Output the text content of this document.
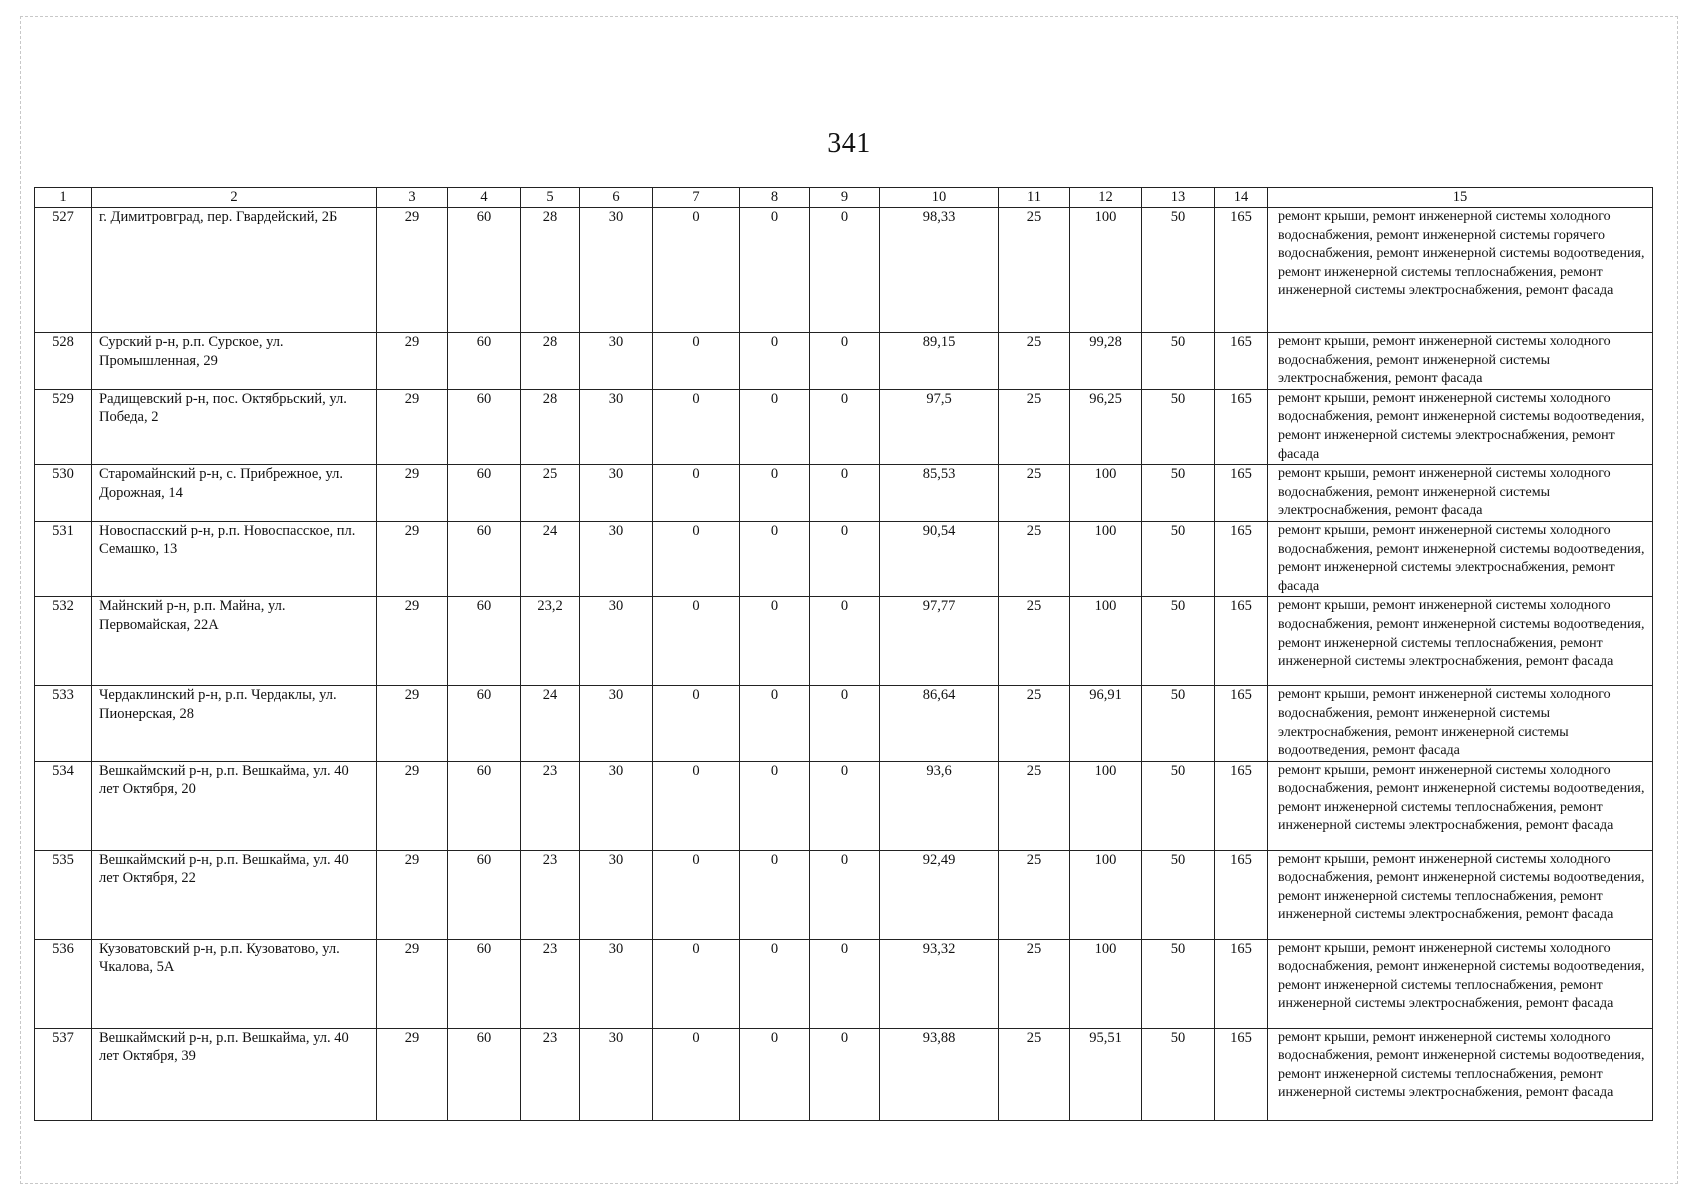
341
1	2	3	4	5	6	7	8	9	10	11	12	13	14	15
527	г. Димитровград, пер. Гвардейский, 2Б	29	60	28	30	0	0	0	98,33	25	100	50	165	ремонт крыши, ремонт инженерной системы холодного водоснабжения, ремонт инженерной системы горячего водоснабжения, ремонт инженерной системы водоотведения, ремонт инженерной системы теплоснабжения, ремонт инженерной системы электроснабжения, ремонт фасада
528	Сурский р-н, р.п. Сурское, ул. Промышленная, 29	29	60	28	30	0	0	0	89,15	25	99,28	50	165	ремонт крыши, ремонт инженерной системы холодного водоснабжения, ремонт инженерной системы электроснабжения, ремонт фасада
529	Радищевский р-н, пос. Октябрьский, ул. Победа, 2	29	60	28	30	0	0	0	97,5	25	96,25	50	165	ремонт крыши, ремонт инженерной системы холодного водоснабжения, ремонт инженерной системы водоотведения, ремонт инженерной системы электроснабжения, ремонт фасада
530	Старомайнский р-н, с. Прибрежное, ул. Дорожная, 14	29	60	25	30	0	0	0	85,53	25	100	50	165	ремонт крыши, ремонт инженерной системы холодного водоснабжения, ремонт инженерной системы электроснабжения, ремонт фасада
531	Новоспасский р-н, р.п. Новоспасское, пл. Семашко, 13	29	60	24	30	0	0	0	90,54	25	100	50	165	ремонт крыши, ремонт инженерной системы холодного водоснабжения, ремонт инженерной системы водоотведения, ремонт инженерной системы электроснабжения, ремонт фасада
532	Майнский р-н, р.п. Майна, ул. Первомайская, 22А	29	60	23,2	30	0	0	0	97,77	25	100	50	165	ремонт крыши, ремонт инженерной системы холодного водоснабжения, ремонт инженерной системы водоотведения, ремонт инженерной системы теплоснабжения, ремонт инженерной системы электроснабжения, ремонт фасада
533	Чердаклинский р-н, р.п. Чердаклы, ул. Пионерская, 28	29	60	24	30	0	0	0	86,64	25	96,91	50	165	ремонт крыши, ремонт инженерной системы холодного водоснабжения, ремонт инженерной системы электроснабжения, ремонт инженерной системы водоотведения, ремонт фасада
534	Вешкаймский р-н, р.п. Вешкайма, ул. 40 лет Октября, 20	29	60	23	30	0	0	0	93,6	25	100	50	165	ремонт крыши, ремонт инженерной системы холодного водоснабжения, ремонт инженерной системы водоотведения, ремонт инженерной системы теплоснабжения, ремонт инженерной системы электроснабжения, ремонт фасада
535	Вешкаймский р-н, р.п. Вешкайма, ул. 40 лет Октября, 22	29	60	23	30	0	0	0	92,49	25	100	50	165	ремонт крыши, ремонт инженерной системы холодного водоснабжения, ремонт инженерной системы водоотведения, ремонт инженерной системы теплоснабжения, ремонт инженерной системы электроснабжения, ремонт фасада
536	Кузоватовский р-н, р.п. Кузоватово, ул. Чкалова, 5А	29	60	23	30	0	0	0	93,32	25	100	50	165	ремонт крыши, ремонт инженерной системы холодного водоснабжения, ремонт инженерной системы водоотведения, ремонт инженерной системы теплоснабжения, ремонт инженерной системы электроснабжения, ремонт фасада
537	Вешкаймский р-н, р.п. Вешкайма, ул. 40 лет Октября, 39	29	60	23	30	0	0	0	93,88	25	95,51	50	165	ремонт крыши, ремонт инженерной системы холодного водоснабжения, ремонт инженерной системы водоотведения, ремонт инженерной системы теплоснабжения, ремонт инженерной системы электроснабжения, ремонт фасада
